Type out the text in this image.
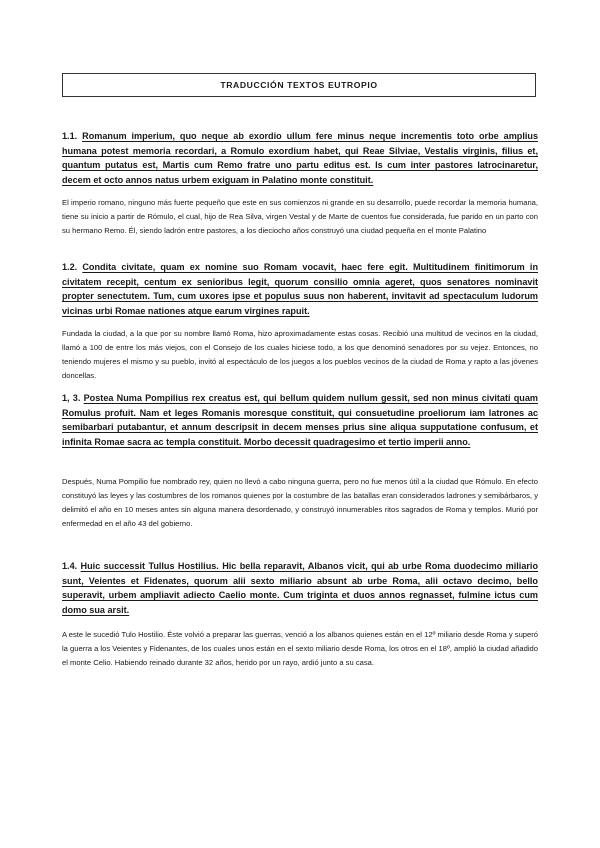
TRADUCCIÓN TEXTOS EUTROPIO
1.1. Romanum imperium, quo neque ab exordio ullum fere minus neque incrementis toto orbe amplius humana potest memoria recordari, a Romulo exordium habet, qui Reae Silviae, Vestalis virginis, filius et, quantum putatus est, Martis cum Remo fratre uno partu editus est. Is cum inter pastores latrocinaretur, decem et octo annos natus urbem exiguam in Palatino monte constituit.
El imperio romano, ninguno más fuerte pequeño que este en sus comienzos ni grande en su desarrollo, puede recordar la memoria humana, tiene su inicio a partir de Rómulo, el cual, hijo de Rea Silva, virgen Vestal y de Marte de cuentos fue considerada, fue parido en un parto con su hermano Remo. Él, siendo ladrón entre pastores, a los dieciocho años construyó una ciudad pequeña en el monte Palatino
1.2. Condita civitate, quam ex nomine suo Romam vocavit, haec fere egit. Multitudinem finitimorum in civitatem recepit, centum ex senioribus legit, quorum consilio omnia ageret, quos senatores nominavit propter senectutem. Tum, cum uxores ipse et populus suus non haberent, invitavit ad spectaculum ludorum vicinas urbi Romae nationes atque earum virgines rapuit.
Fundada la ciudad, a la que por su nombre llamó Roma, hizo aproximadamente estas cosas. Recibió una multitud de vecinos en la ciudad, llamó a 100 de entre los más viejos, con el Consejo de los cuales hiciese todo, a los que denominó senadores por su vejez. Entonces, no teniendo mujeres el mismo y su pueblo, invitó al espectáculo de los juegos a los pueblos vecinos de la ciudad de Roma y rapto a las jóvenes doncellas.
1, 3. Postea Numa Pompilius rex creatus est, qui bellum quidem nullum gessit, sed non minus civitati quam Romulus profuit. Nam et leges Romanis moresque constituit, qui consuetudine proeliorum iam latrones ac semibarbari putabantur, et annum descripsit in decem menses prius sine aliqua supputatione confusum, et infinita Romae sacra ac templa constituit. Morbo decessit quadragesimo et tertio imperii anno.
Después, Numa Pompilio fue nombrado rey, quien no llevó a cabo ninguna guerra, pero no fue menos útil a la ciudad que Rómulo. En efecto constituyó las leyes y las costumbres de los romanos quienes por la costumbre de las batallas eran considerados ladrones y semibárbaros, y delimitó el año en 10 meses antes sin alguna manera desordenado, y construyó innumerables ritos sagrados de Roma y templos. Murió por enfermedad en el año 43 del gobierno.
1.4. Huic successit Tullus Hostilius. Hic bella reparavit, Albanos vicit, qui ab urbe Roma duodecimo miliario sunt, Veientes et Fidenates, quorum alii sexto miliario absunt ab urbe Roma, alii octavo decimo, bello superavit, urbem ampliavit adiecto Caelio monte. Cum triginta et duos annos regnasset, fulmine ictus cum domo sua arsit.
A este le sucedió Tulo Hostilio. Éste volvió a preparar las guerras, venció a los albanos quienes están en el 12º miliario desde Roma y superó la guerra a los Veientes y Fidenantes, de los cuales unos están en el sexto miliario desde Roma, los otros en el 18º, amplió la ciudad añadido el monte Celio. Habiendo reinado durante 32 años, herido por un rayo, ardió junto a su casa.
